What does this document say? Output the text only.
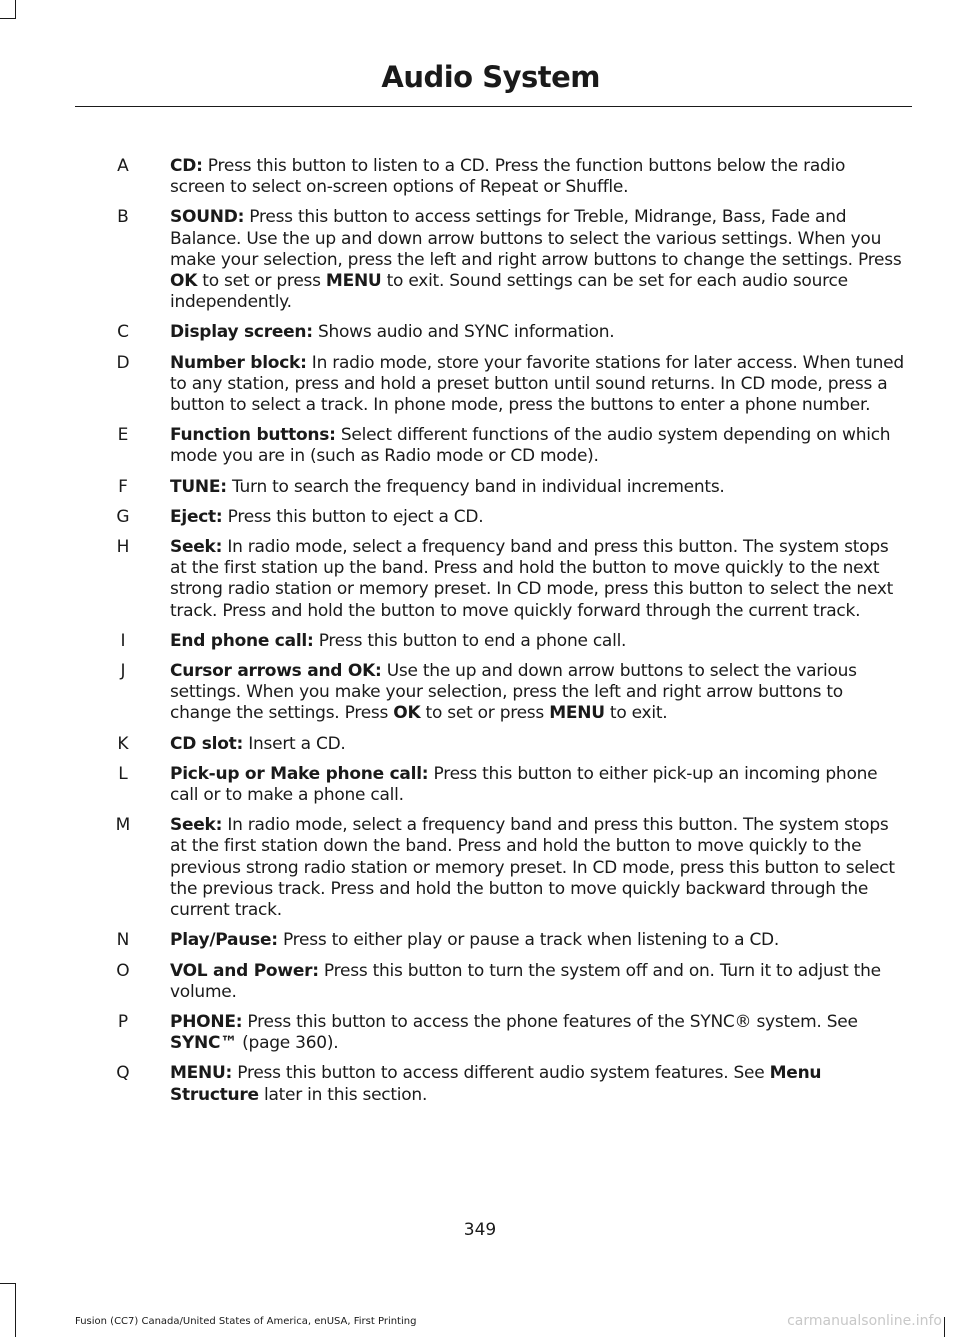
Audio System
A CD: Press this button to listen to a CD. Press the function buttons below the radio screen to select on-screen options of Repeat or Shuffle.
B SOUND: Press this button to access settings for Treble, Midrange, Bass, Fade and Balance. Use the up and down arrow buttons to select the various settings. When you make your selection, press the left and right arrow buttons to change the settings. Press OK to set or press MENU to exit. Sound settings can be set for each audio source independently.
C Display screen: Shows audio and SYNC information.
D Number block: In radio mode, store your favorite stations for later access. When tuned to any station, press and hold a preset button until sound returns. In CD mode, press a button to select a track. In phone mode, press the buttons to enter a phone number.
E Function buttons: Select different functions of the audio system depending on which mode you are in (such as Radio mode or CD mode).
F	TUNE: Turn to search the frequency band in individual increments.
G Eject: Press this button to eject a CD.
H Seek: In radio mode, select a frequency band and press this button. The system stops at the first station up the band. Press and hold the button to move quickly to the next strong radio station or memory preset. In CD mode, press this button to select the next track. Press and hold the button to move quickly forward through the current track.
I	End phone call: Press this button to end a phone call.
J	Cursor arrows and OK: Use the up and down arrow buttons to select the various settings. When you make your selection, press the left and right arrow buttons to change the settings. Press OK to set or press MENU to exit.
K CD slot: Insert a CD.
L	Pick-up or Make phone call: Press this button to either pick-up an incoming phone call or to make a phone call.
M Seek: In radio mode, select a frequency band and press this button. The system stops at the first station down the band. Press and hold the button to move quickly to the previous strong radio station or memory preset. In CD mode, press this button to select the previous track. Press and hold the button to move quickly backward through the current track.
N Play/Pause: Press to either play or pause a track when listening to a CD.
O VOL and Power: Press this button to turn the system off and on. Turn it to adjust the volume.
P PHONE: Press this button to access the phone features of the SYNC® system. See SYNC™ (page 360).
Q MENU: Press this button to access different audio system features. See Menu Structure later in this section.
349
Fusion (CC7) Canada/United States of America, enUSA, First Printing	carmanualsonline.info
